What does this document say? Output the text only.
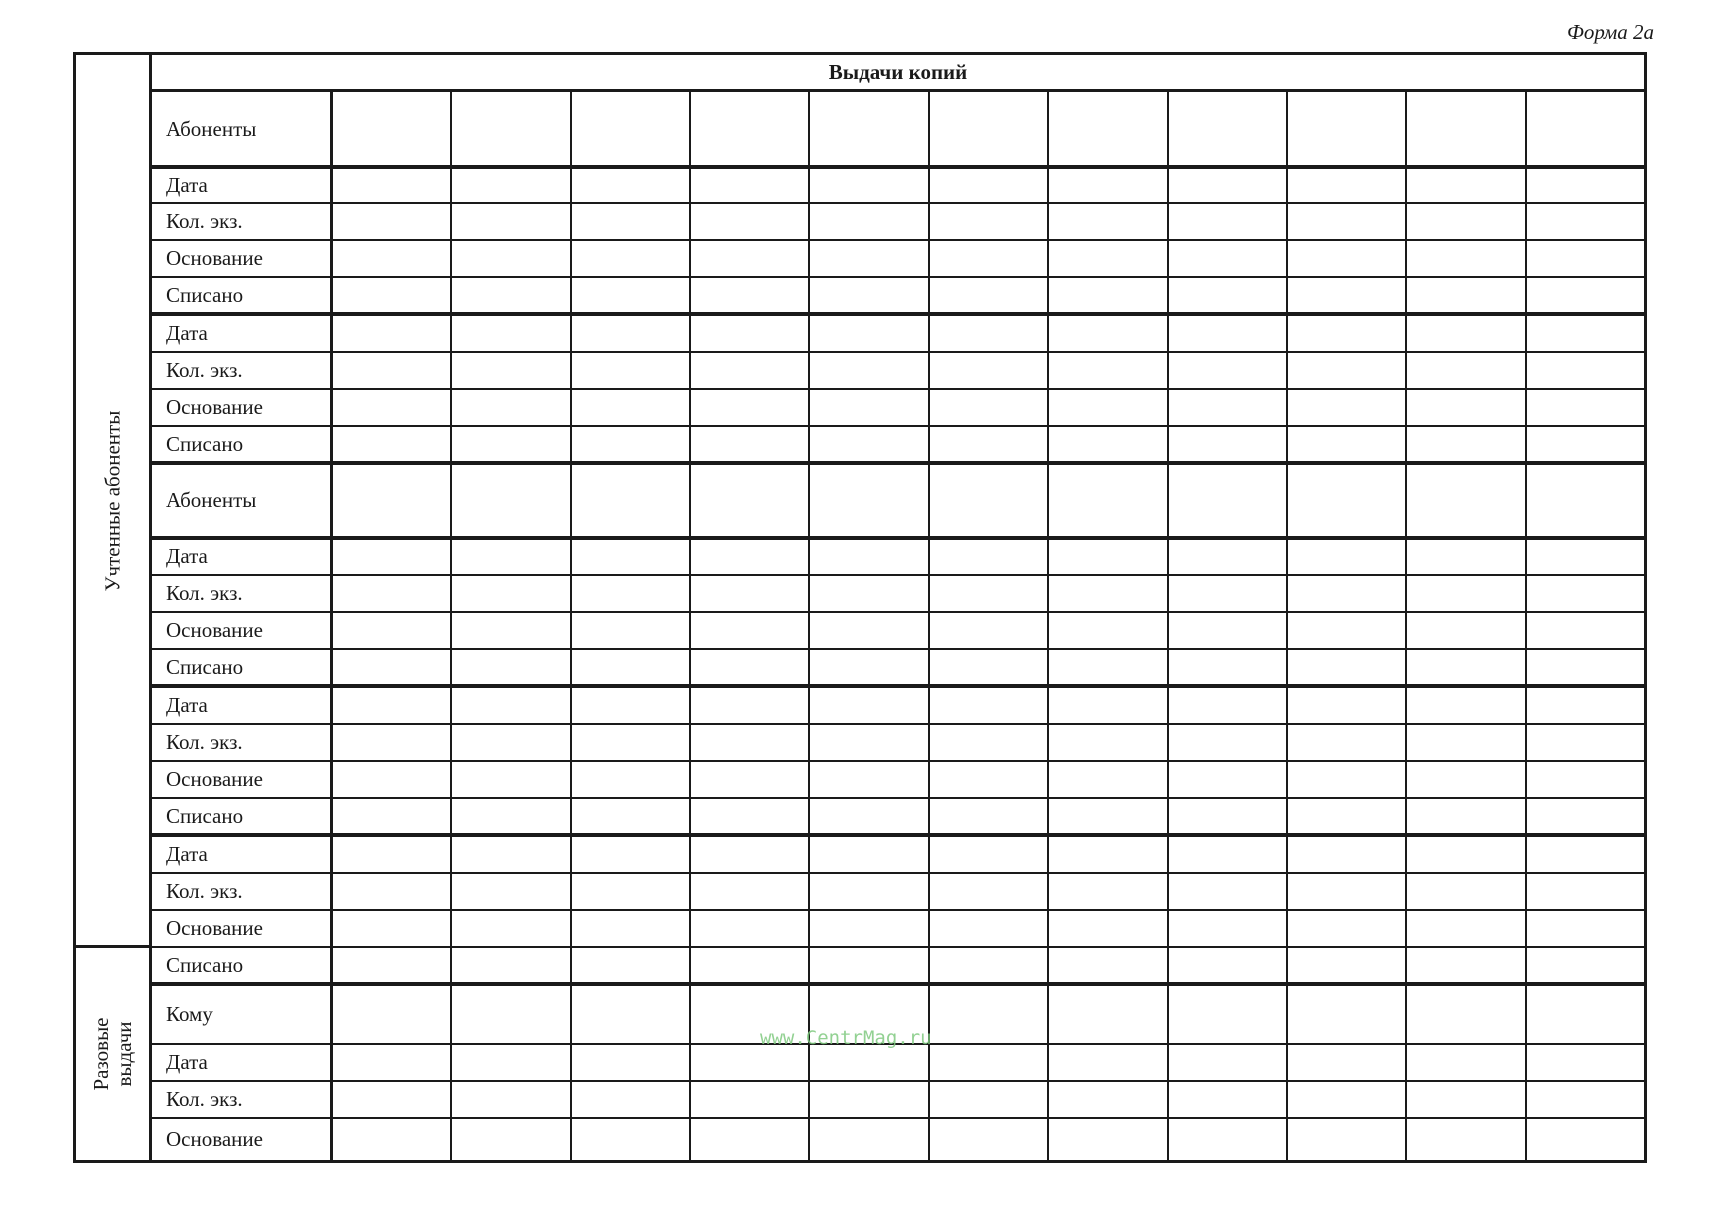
Форма 2а
Учтенные абоненты
Разовые
выдачи
Выдачи копий
Абоненты
Дата
Кол. экз.
Основание
Списано
Дата
Кол. экз.
Основание
Списано
Абоненты
Дата
Кол. экз.
Основание
Списано
Дата
Кол. экз.
Основание
Списано
Дата
Кол. экз.
Основание
Списано
Кому
Дата
Кол. экз.
Основание
www.CentrMag.ru
